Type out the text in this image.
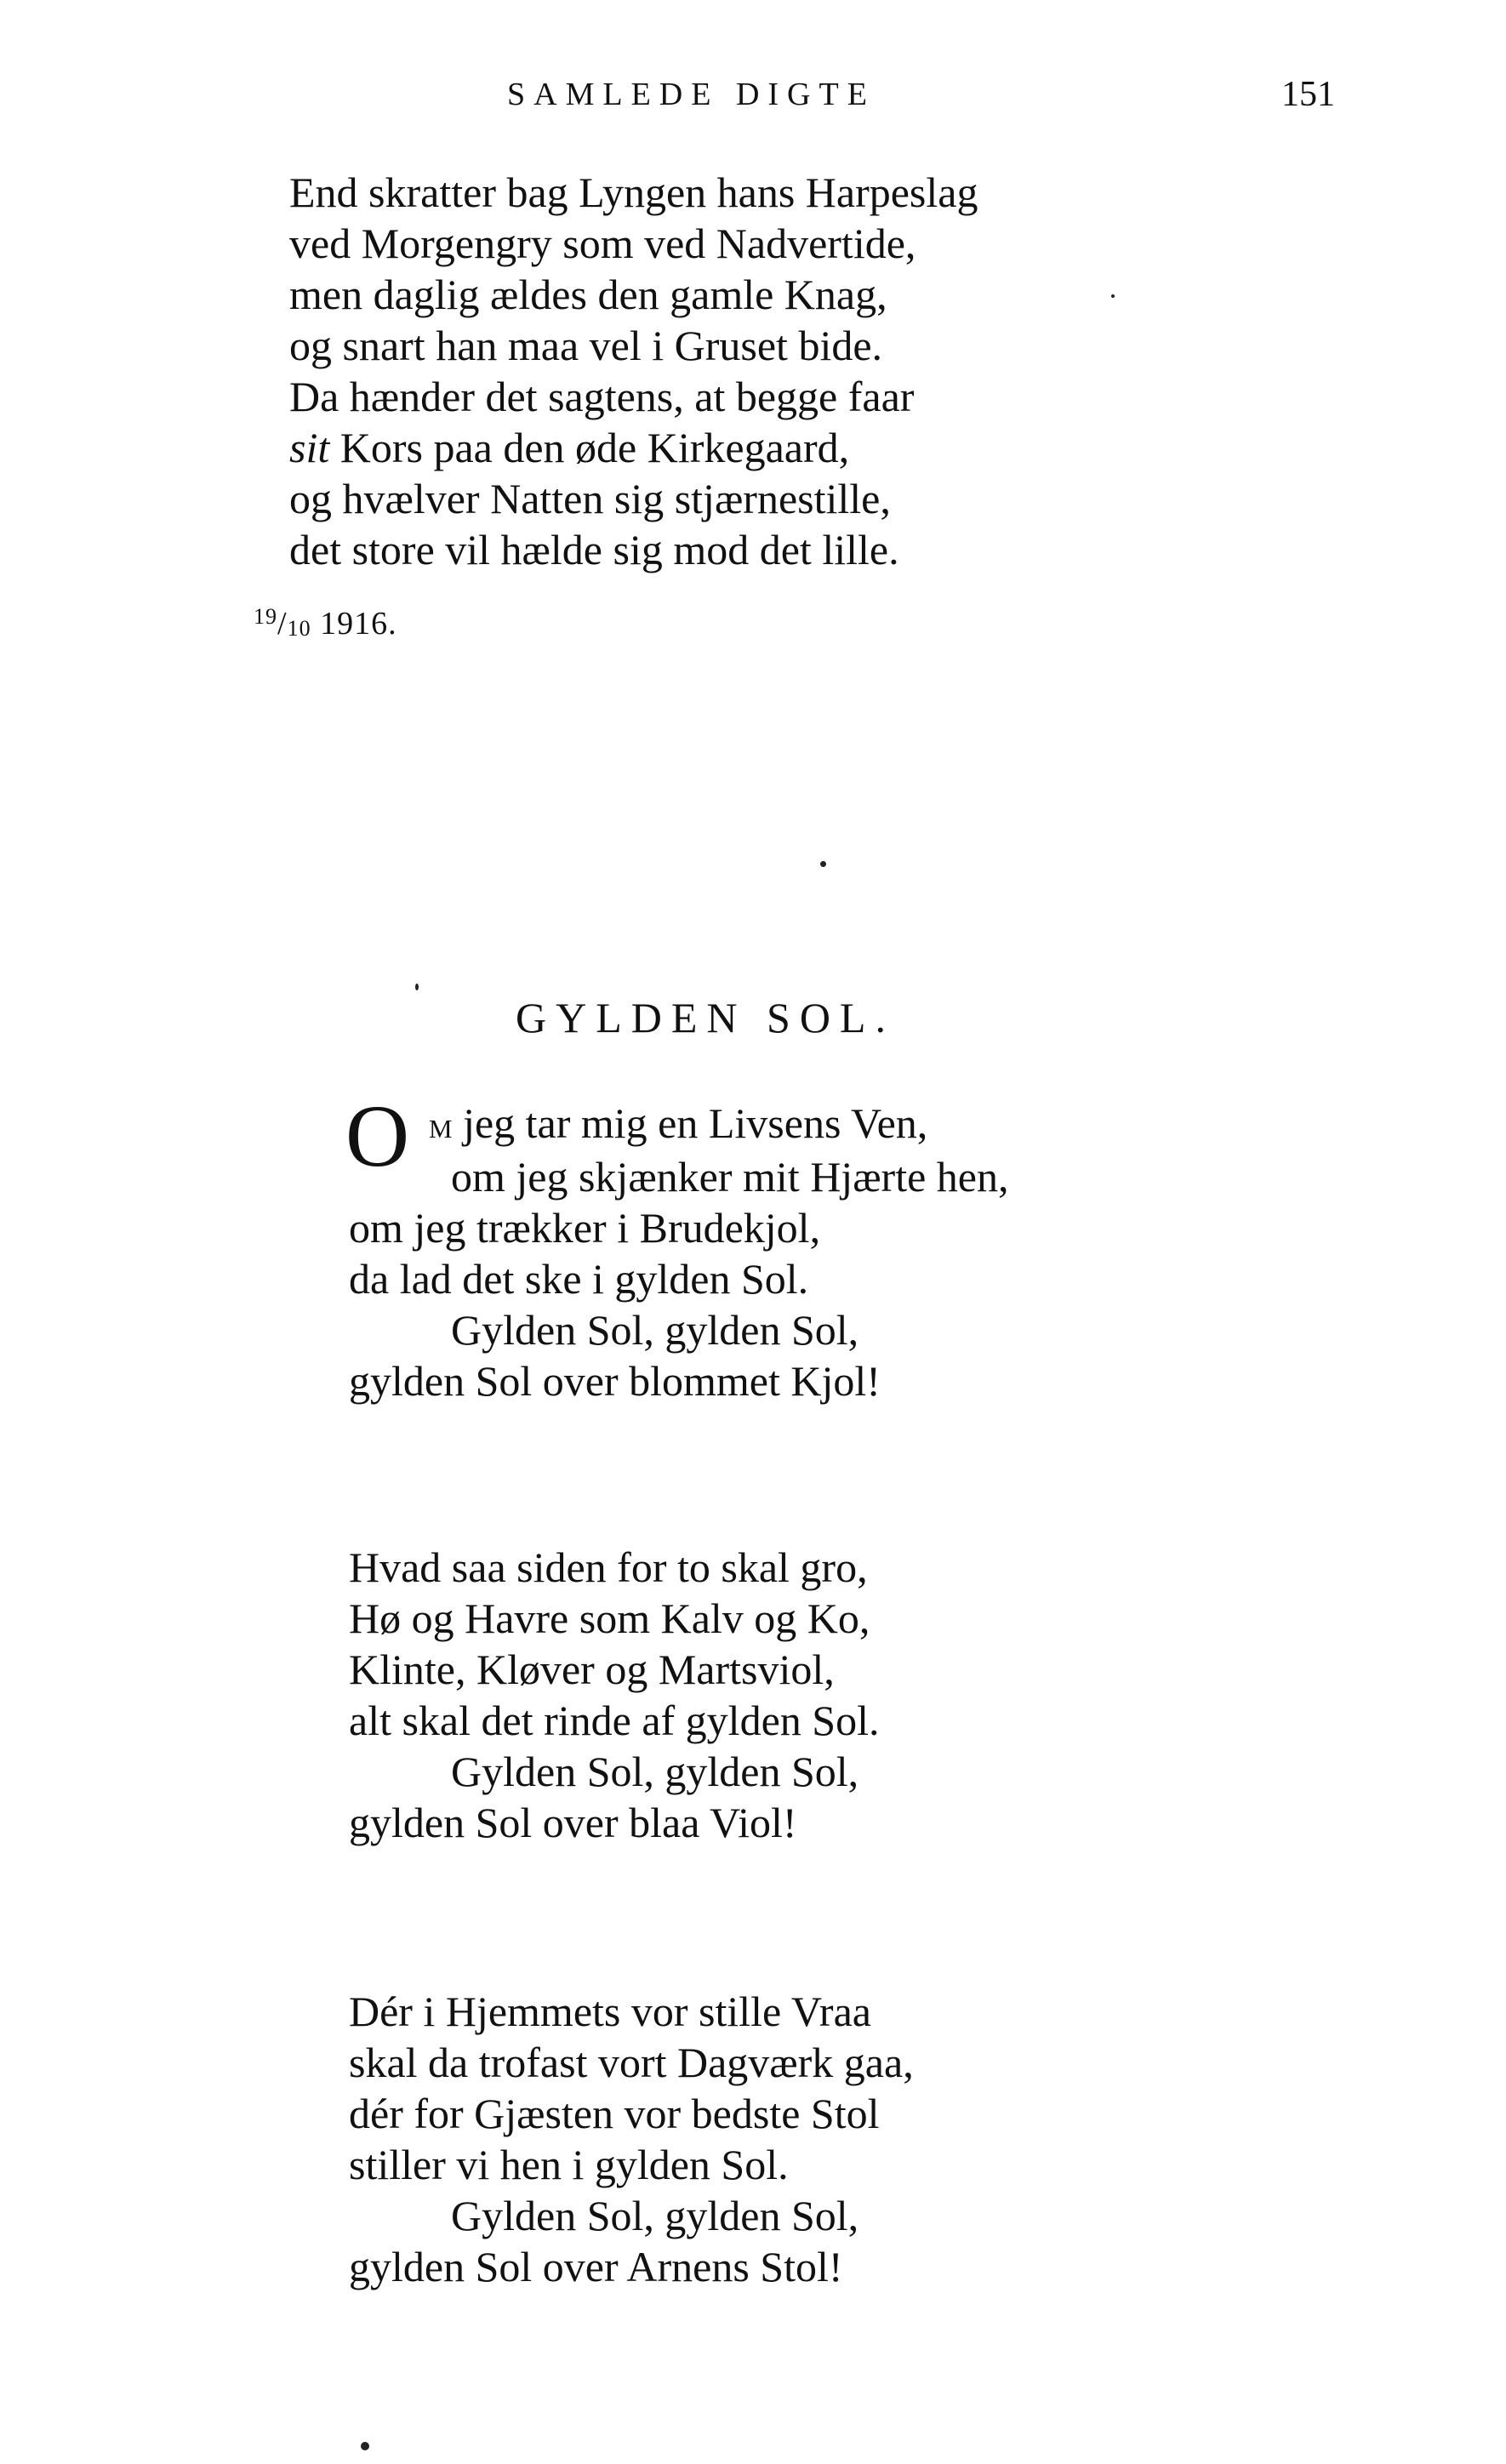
SAMLEDE DIGTE	151
End skratter bag Lyngen hans Harpeslag
ved Morgengry som ved Nadvertide,
men daglig ældes den gamle Knag,
og snart han maa vel i Gruset bide.
Da hænder det sagtens, at begge faar
sit Kors paa den øde Kirkegaard,
og hvælver Natten sig stjærnestille,
det store vil hælde sig mod det lille.
$^{19}/_{10}$ 1916.
GYLDEN SOL.
O m jeg tar mig en Livsens Ven,
om jeg skjænker mit Hjærte hen,
om jeg trækker i Brudekjol,
da lad det ske i gylden Sol.
Gylden Sol, gylden Sol,
gylden Sol over blommet Kjol!
Hvad saa siden for to skal gro,
Hø og Havre som Kalv og Ko,
Klinte, Kløver og Martsviol,
alt skal det rinde af gylden Sol.
Gylden Sol, gylden Sol,
gylden Sol over blaa Viol!
Dér i Hjemmets vor stille Vraa
skal da trofast vort Dagværk gaa,
dér for Gjæsten vor bedste Stol
stiller vi hen i gylden Sol.
Gylden Sol, gylden Sol,
gylden Sol over Arnens Stol!
